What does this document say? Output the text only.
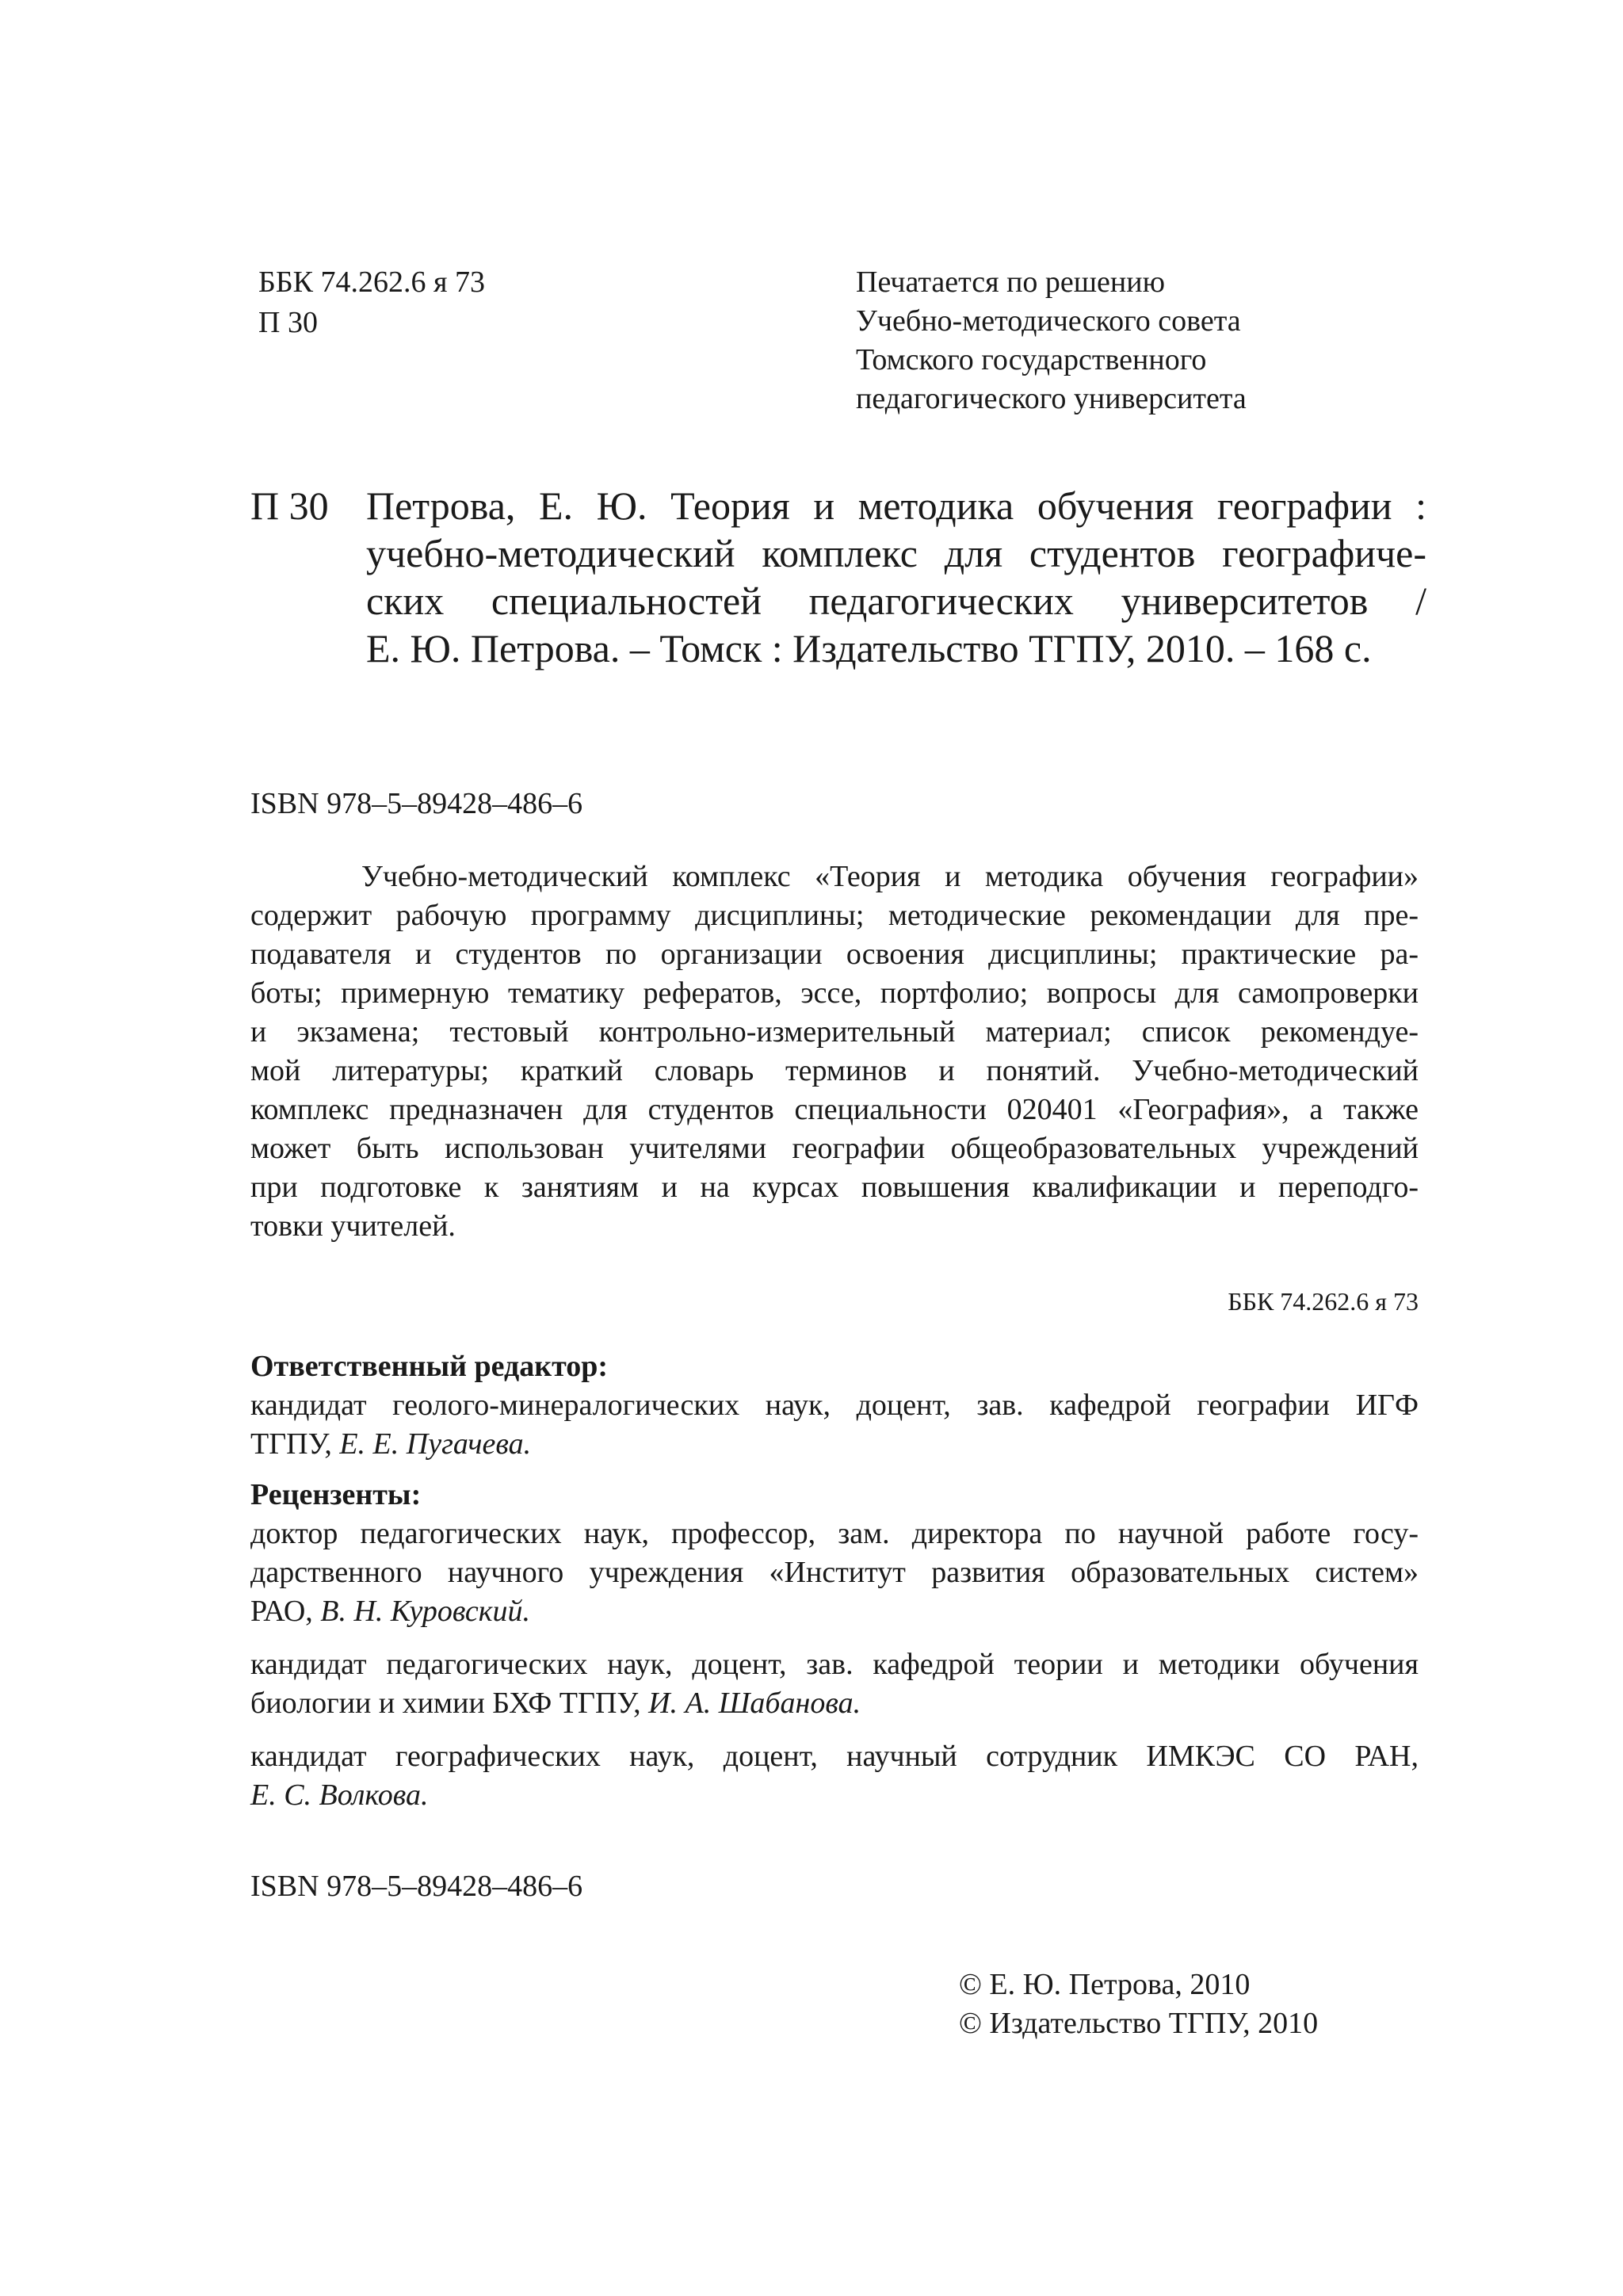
ББК 74.262.6 я 73
П 30
Печатается по решению
Учебно-методического совета
Томского государственного
педагогического университета
П 30 Петрова, Е. Ю. Теория и методика обучения географии :
учебно-методический комплекс для студентов географиче-
ских специальностей педагогических университетов /
Е. Ю. Петрова. – Томск : Издательство ТГПУ, 2010. – 168 с.
ISBN 978–5–89428–486–6
Учебно-методический комплекс «Теория и методика обучения географии»
содержит рабочую программу дисциплины; методические рекомендации для пре-
подавателя и студентов по организации освоения дисциплины; практические ра-
боты; примерную тематику рефератов, эссе, портфолио; вопросы для самопроверки
и экзамена; тестовый контрольно-измерительный материал; список рекомендуе-
мой литературы; краткий словарь терминов и понятий. Учебно-методический
комплекс предназначен для студентов специальности 020401 «География», а также
может быть использован учителями географии общеобразовательных учреждений
при подготовке к занятиям и на курсах повышения квалификации и переподго-
товки учителей.
ББК 74.262.6 я 73
Ответственный редактор:
кандидат геолого-минералогических наук, доцент, зав. кафедрой географии ИГФ
ТГПУ, Е. Е. Пугачева.
Рецензенты:
доктор педагогических наук, профессор, зам. директора по научной работе госу-
дарственного научного учреждения «Институт развития образовательных систем»
РАО, В. Н. Куровский.
кандидат педагогических наук, доцент, зав. кафедрой теории и методики обучения
биологии и химии БХФ ТГПУ, И. А. Шабанова.
кандидат географических наук, доцент, научный сотрудник ИМКЭС СО РАН,
Е. С. Волкова.
ISBN 978–5–89428–486–6
© Е. Ю. Петрова, 2010
© Издательство ТГПУ, 2010
